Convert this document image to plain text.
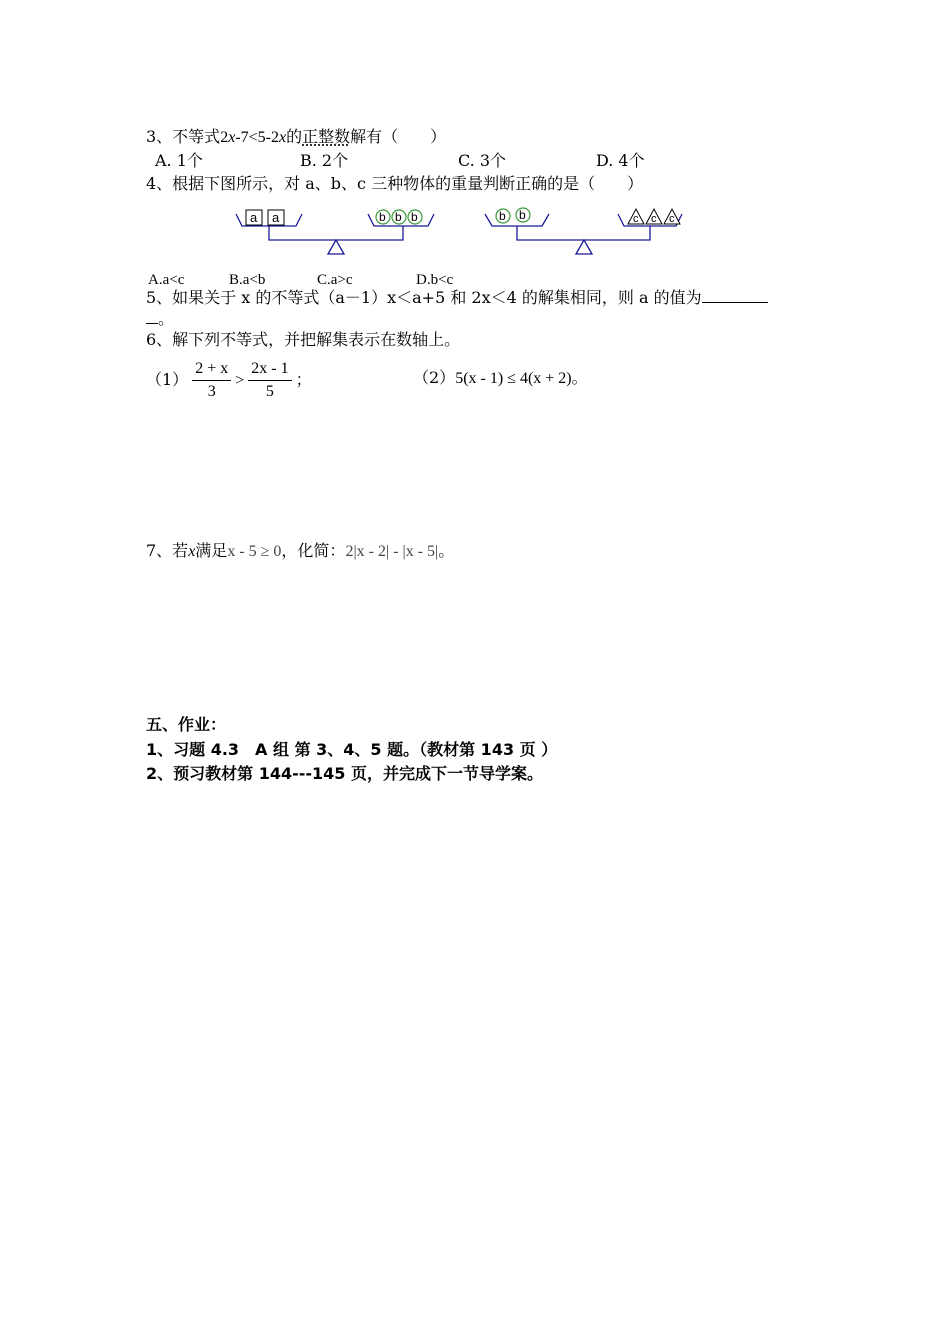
3、不等式2x-7<5-2x的正整数解有（　　）
A. 1个	B. 2个	C. 3个	D. 4个
4、根据下图所示，对 a、b、c 三种物体的重量判断正确的是（　　）
a a	b b b	b b	c c c
A.a<c	B.a<b	C.a>c	D.b<c
5、如果关于 x 的不等式（a－1）x＜a+5 和 2x＜4 的解集相同，则 a 的值为
。
6、解下列不等式，并把解集表示在数轴上。
$(1) \frac{2 + x}{3} > \frac{2x - 1}{5}$ ；	（2）5(x - 1) ≤ 4(x + 2)。
7、若x满足x - 5 ≥ 0，化简：2|x - 2| - |x - 5|。
五、作业：
1、习题 4.3　A 组 第 3、4、5 题。（教材第 143 页 ）
2、预习教材第 144---145 页，并完成下一节导学案。
